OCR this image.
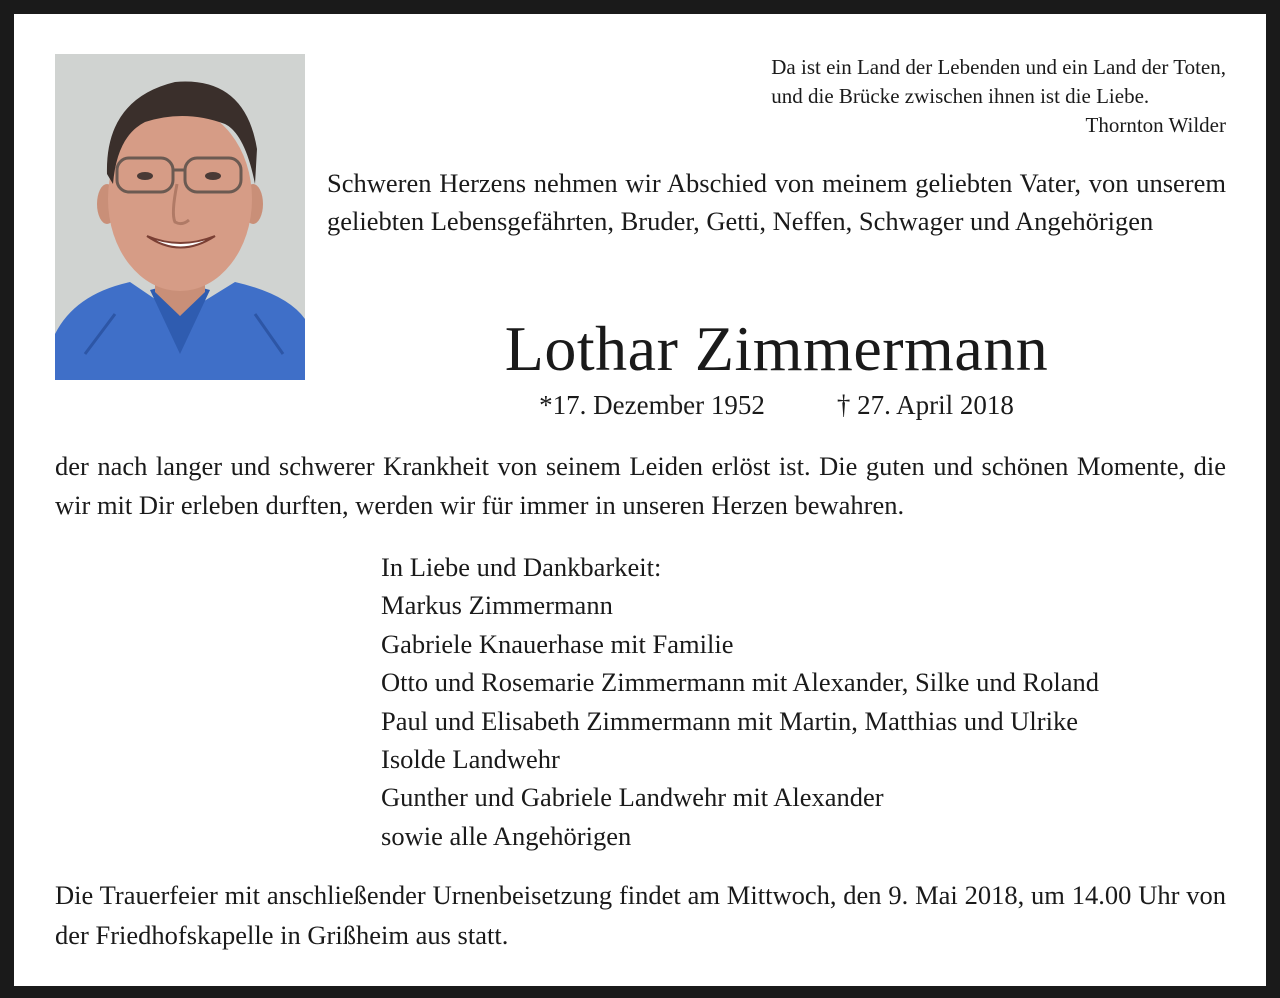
Da ist ein Land der Lebenden und ein Land der Toten,
und die Brücke zwischen ihnen ist die Liebe.
Thornton Wilder
Schweren Herzens nehmen wir Abschied von meinem geliebten Vater, von unserem geliebten Lebensgefährten, Bruder, Getti, Neffen, Schwager und Angehörigen
Lothar Zimmermann
*17. Dezember 1952	† 27. April 2018
der nach langer und schwerer Krankheit von seinem Leiden erlöst ist. Die guten und schönen Momente, die wir mit Dir erleben durften, werden wir für immer in unseren Herzen bewahren.
In Liebe und Dankbarkeit:
Markus Zimmermann
Gabriele Knauerhase mit Familie
Otto und Rosemarie Zimmermann mit Alexander, Silke und Roland
Paul und Elisabeth Zimmermann mit Martin, Matthias und Ulrike
Isolde Landwehr
Gunther und Gabriele Landwehr mit Alexander
sowie alle Angehörigen
Die Trauerfeier mit anschließender Urnenbeisetzung findet am Mittwoch, den 9. Mai 2018, um 14.00 Uhr von der Friedhofskapelle in Grißheim aus statt.
